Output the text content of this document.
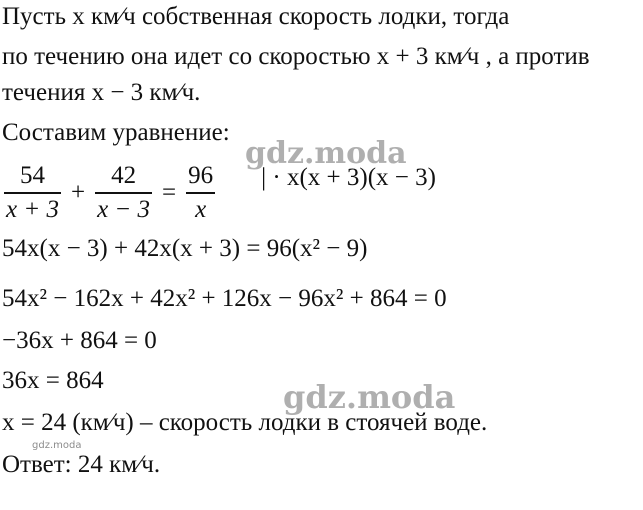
Пусть x км⁄ч собственная скорость лодки, тогда
по течению она идет со скоростью x + 3 км⁄ч , а против
течения x − 3 км⁄ч.
Составим уравнение:
$\frac{54}{x + 3} + \frac{42}{x - 3} = \frac{96}{x}$ | · x(x + 3)(x − 3)
54x(x − 3) + 42x(x + 3) = 96(x² − 9)
54x² − 162x + 42x² + 126x − 96x² + 864 = 0
−36x + 864 = 0
36x = 864
x = 24 (км⁄ч) – скорость лодки в стоячей воде.
Ответ: 24 км⁄ч.
gdz.moda
gdz.moda
gdz.moda
